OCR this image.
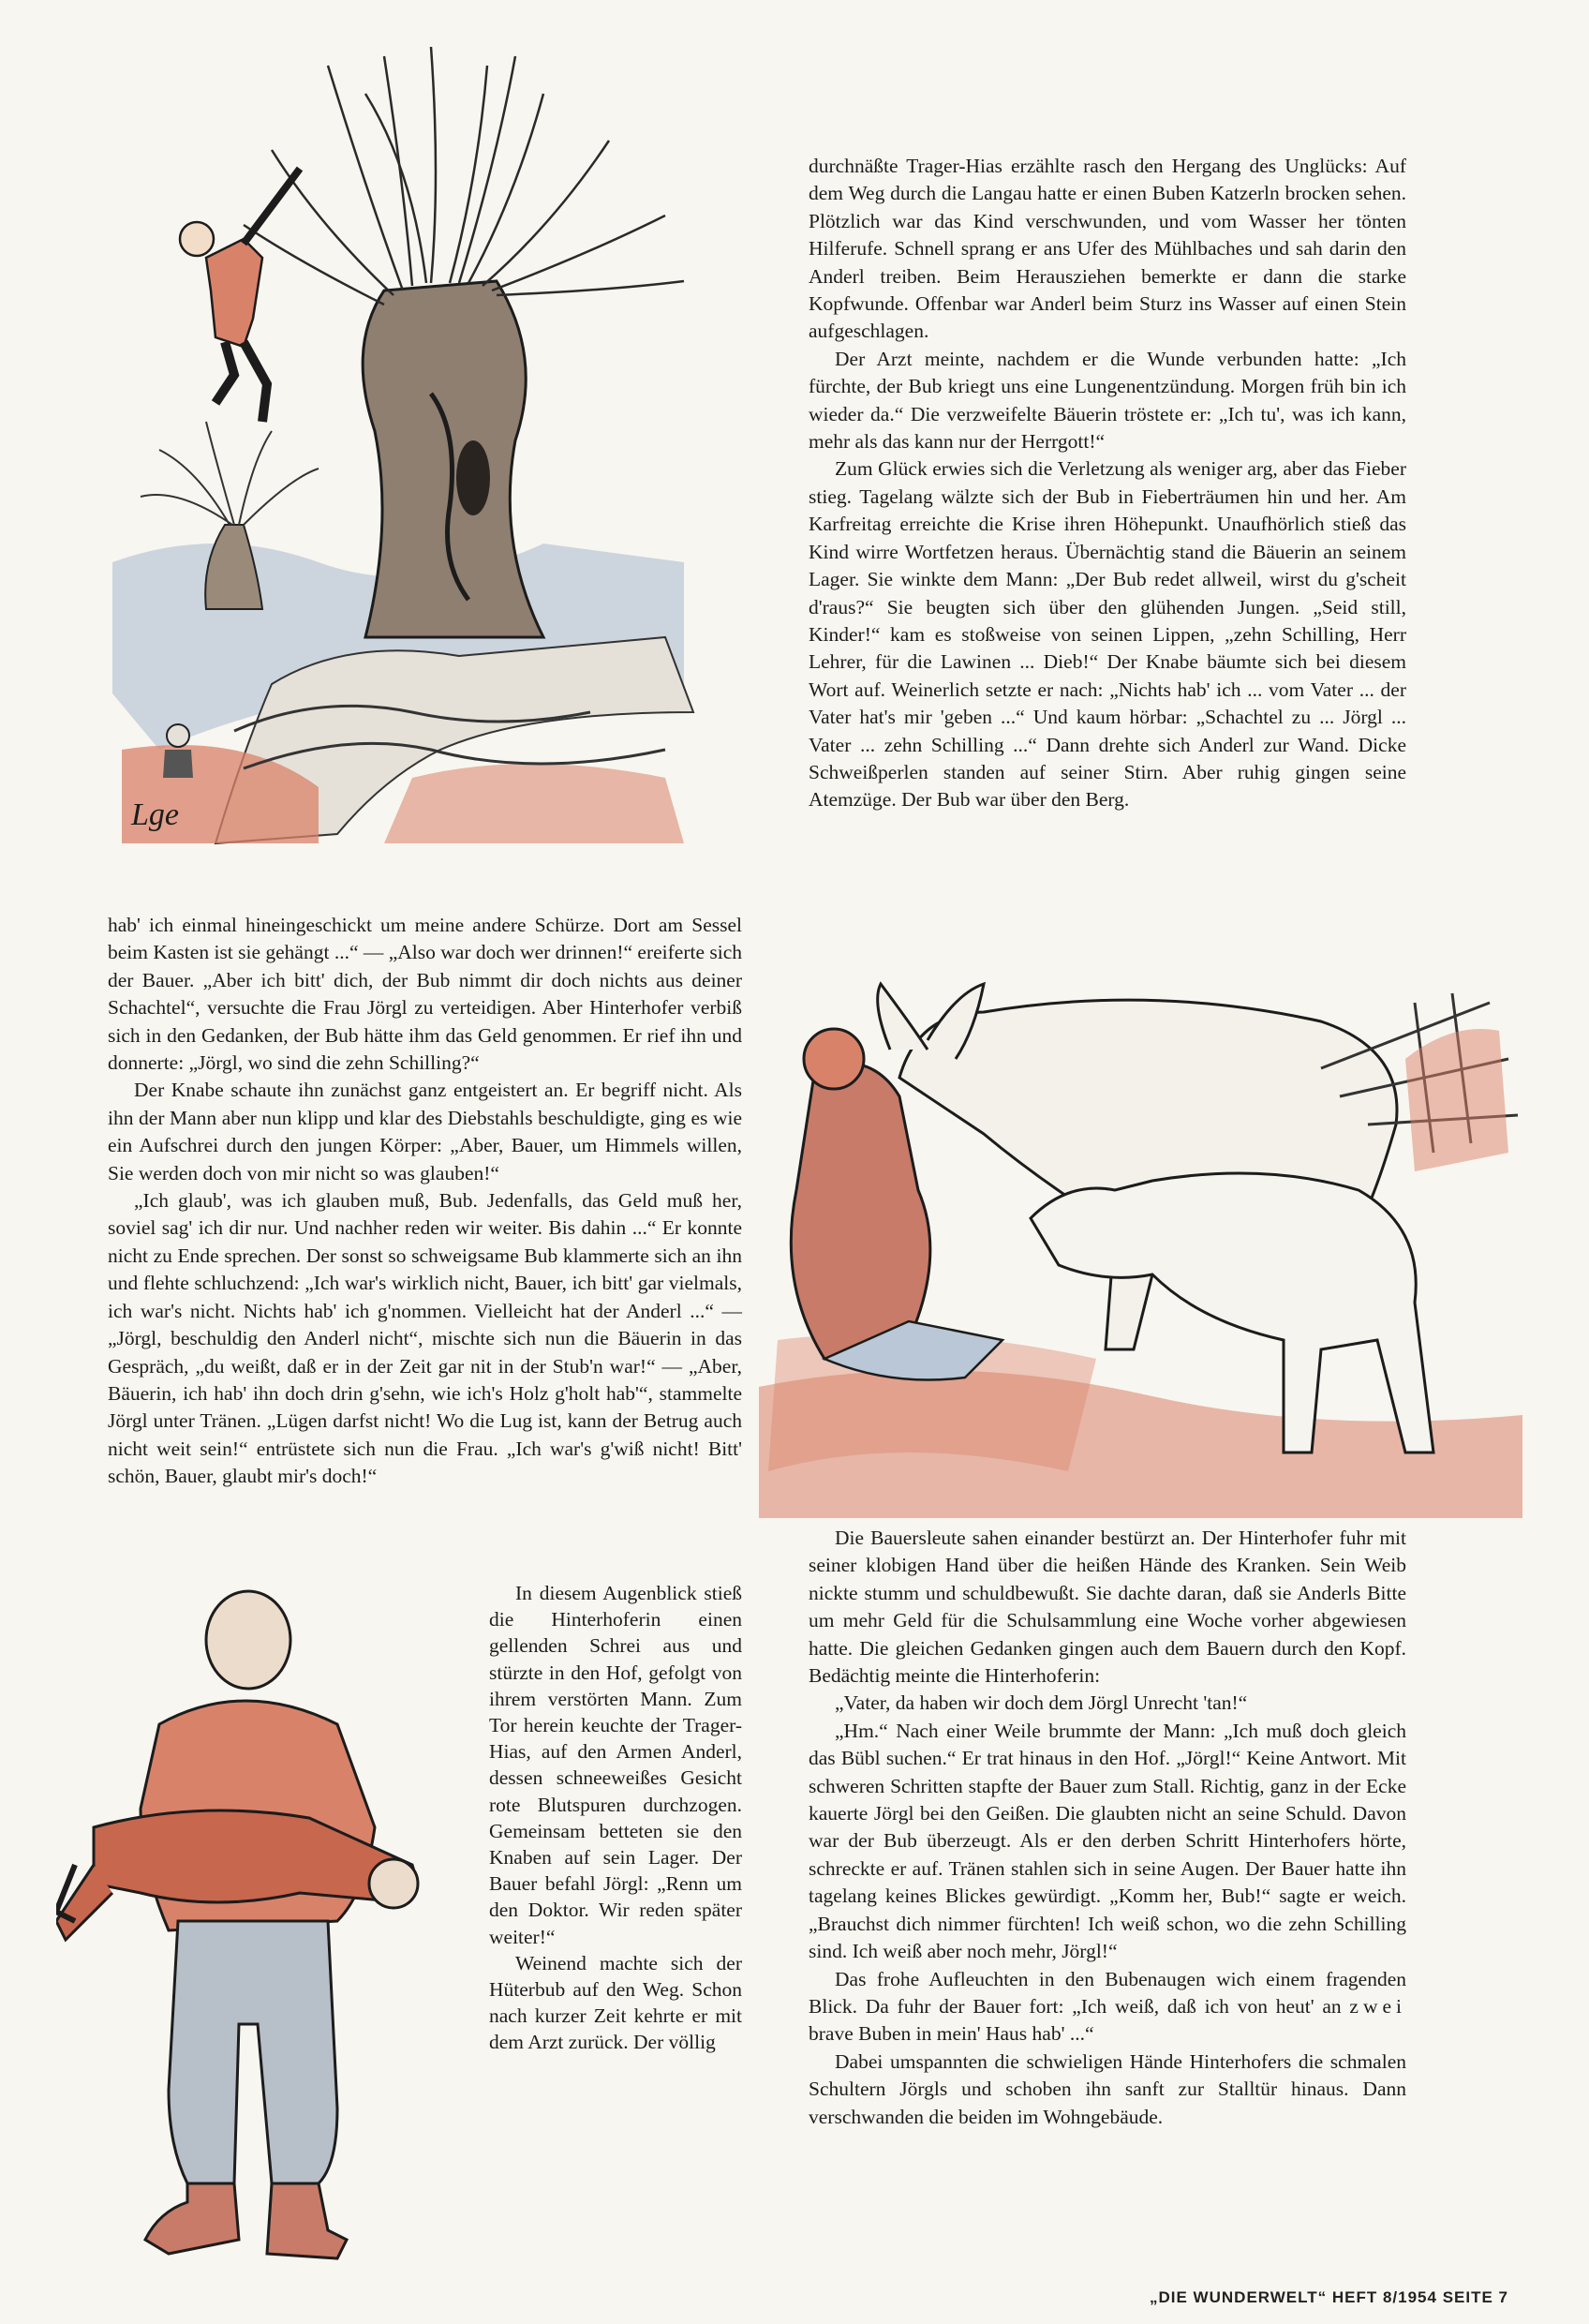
Lge

durchnäßte Trager-Hias erzählte rasch den Hergang des Unglücks: Auf dem Weg durch die Langau hatte er einen Buben Katzerln brocken sehen. Plötzlich war das Kind verschwunden, und vom Wasser her tönten Hilferufe. Schnell sprang er ans Ufer des Mühlbaches und sah darin den Anderl treiben. Beim Herausziehen bemerkte er dann die starke Kopfwunde. Offenbar war Anderl beim Sturz ins Wasser auf einen Stein aufgeschlagen.

Der Arzt meinte, nachdem er die Wunde verbunden hatte: „Ich fürchte, der Bub kriegt uns eine Lungenentzündung. Morgen früh bin ich wieder da.“ Die verzweifelte Bäuerin tröstete er: „Ich tu', was ich kann, mehr als das kann nur der Herrgott!“

Zum Glück erwies sich die Verletzung als weniger arg, aber das Fieber stieg. Tagelang wälzte sich der Bub in Fieberträumen hin und her. Am Karfreitag erreichte die Krise ihren Höhepunkt. Unaufhörlich stieß das Kind wirre Wortfetzen heraus. Übernächtig stand die Bäuerin an seinem Lager. Sie winkte dem Mann: „Der Bub redet allweil, wirst du g'scheit d'raus?“ Sie beugten sich über den glühenden Jungen. „Seid still, Kinder!“ kam es stoßweise von seinen Lippen, „zehn Schilling, Herr Lehrer, für die Lawinen ... Dieb!“ Der Knabe bäumte sich bei diesem Wort auf. Weinerlich setzte er nach: „Nichts hab' ich ... vom Vater ... der Vater hat's mir 'geben ...“ Und kaum hörbar: „Schachtel zu ... Jörgl ... Vater ... zehn Schilling ...“ Dann drehte sich Anderl zur Wand. Dicke Schweißperlen standen auf seiner Stirn. Aber ruhig gingen seine Atemzüge. Der Bub war über den Berg.

hab' ich einmal hineingeschickt um meine andere Schürze. Dort am Sessel beim Kasten ist sie gehängt ...“ — „Also war doch wer drinnen!“ ereiferte sich der Bauer. „Aber ich bitt' dich, der Bub nimmt dir doch nichts aus deiner Schachtel“, versuchte die Frau Jörgl zu verteidigen. Aber Hinterhofer verbiß sich in den Gedanken, der Bub hätte ihm das Geld genommen. Er rief ihn und donnerte: „Jörgl, wo sind die zehn Schilling?“

Der Knabe schaute ihn zunächst ganz entgeistert an. Er begriff nicht. Als ihn der Mann aber nun klipp und klar des Diebstahls beschuldigte, ging es wie ein Aufschrei durch den jungen Körper: „Aber, Bauer, um Himmels willen, Sie werden doch von mir nicht so was glauben!“

„Ich glaub', was ich glauben muß, Bub. Jedenfalls, das Geld muß her, soviel sag' ich dir nur. Und nachher reden wir weiter. Bis dahin ...“ Er konnte nicht zu Ende sprechen. Der sonst so schweigsame Bub klammerte sich an ihn und flehte schluchzend: „Ich war's wirklich nicht, Bauer, ich bitt' gar vielmals, ich war's nicht. Nichts hab' ich g'nommen. Vielleicht hat der Anderl ...“ — „Jörgl, beschuldig den Anderl nicht“, mischte sich nun die Bäuerin in das Gespräch, „du weißt, daß er in der Zeit gar nit in der Stub'n war!“ — „Aber, Bäuerin, ich hab' ihn doch drin g'sehn, wie ich's Holz g'holt hab'“, stammelte Jörgl unter Tränen. „Lügen darfst nicht! Wo die Lug ist, kann der Betrug auch nicht weit sein!“ entrüstete sich nun die Frau. „Ich war's g'wiß nicht! Bitt' schön, Bauer, glaubt mir's doch!“

In diesem Augenblick stieß die Hinterhoferin einen gellenden Schrei aus und stürzte in den Hof, gefolgt von ihrem verstörten Mann. Zum Tor herein keuchte der Trager-Hias, auf den Armen Anderl, dessen schneeweißes Gesicht rote Blutspuren durchzogen. Gemeinsam betteten sie den Knaben auf sein Lager. Der Bauer befahl Jörgl: „Renn um den Doktor. Wir reden später weiter!“

Weinend machte sich der Hüterbub auf den Weg. Schon nach kurzer Zeit kehrte er mit dem Arzt zurück. Der völlig

Die Bauersleute sahen einander bestürzt an. Der Hinterhofer fuhr mit seiner klobigen Hand über die heißen Hände des Kranken. Sein Weib nickte stumm und schuldbewußt. Sie dachte daran, daß sie Anderls Bitte um mehr Geld für die Schulsammlung eine Woche vorher abgewiesen hatte. Die gleichen Gedanken gingen auch dem Bauern durch den Kopf. Bedächtig meinte die Hinterhoferin:

„Vater, da haben wir doch dem Jörgl Unrecht 'tan!“

„Hm.“ Nach einer Weile brummte der Mann: „Ich muß doch gleich das Bübl suchen.“ Er trat hinaus in den Hof. „Jörgl!“ Keine Antwort. Mit schweren Schritten stapfte der Bauer zum Stall. Richtig, ganz in der Ecke kauerte Jörgl bei den Geißen. Die glaubten nicht an seine Schuld. Davon war der Bub überzeugt. Als er den derben Schritt Hinterhofers hörte, schreckte er auf. Tränen stahlen sich in seine Augen. Der Bauer hatte ihn tagelang keines Blickes gewürdigt. „Komm her, Bub!“ sagte er weich. „Brauchst dich nimmer fürchten! Ich weiß schon, wo die zehn Schilling sind. Ich weiß aber noch mehr, Jörgl!“

Das frohe Aufleuchten in den Bubenaugen wich einem fragenden Blick. Da fuhr der Bauer fort: „Ich weiß, daß ich von heut' an zwei brave Buben in mein' Haus hab' ...“

Dabei umspannten die schwieligen Hände Hinterhofers die schmalen Schultern Jörgls und schoben ihn sanft zur Stalltür hinaus. Dann verschwanden die beiden im Wohngebäude.

„DIE WUNDERWELT“ HEFT 8/1954 SEITE 7
